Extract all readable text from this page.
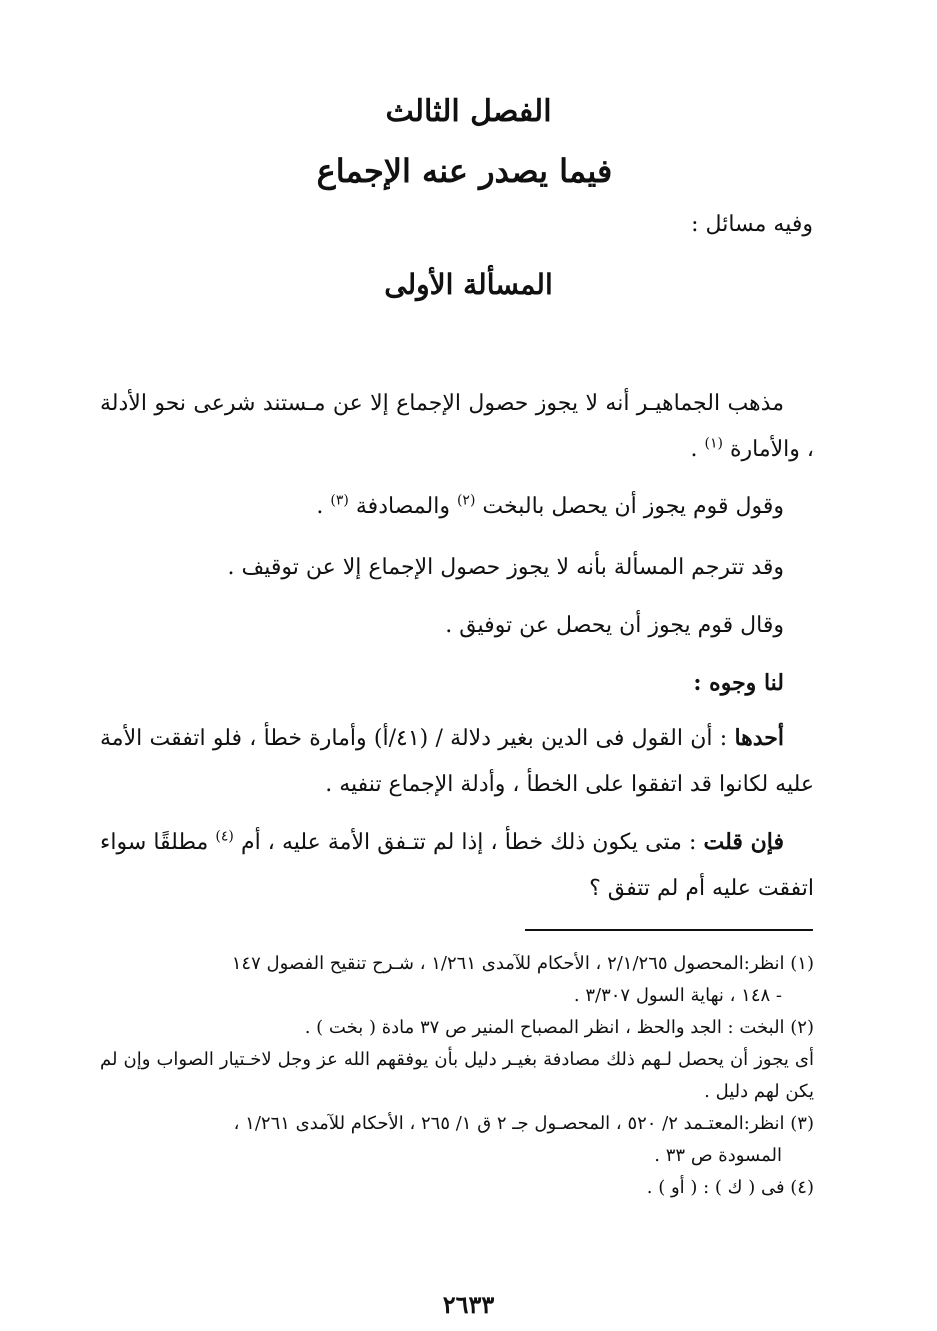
الفصل الثالث
فيما يصدر عنه الإجماع
وفيه مسائل :
المسألة الأولى
مذهب الجماهيـر أنه لا يجوز حصول الإجماع إلا عن مـستند شرعى نحو الأدلة ، والأمارة $^{(١)}$ .
وقول قوم يجوز أن يحصل بالبخت $^{(٢)}$ والمصادفة $^{(٣)}$ .
وقد تترجم المسألة بأنه لا يجوز حصول الإجماع إلا عن توقيف .
وقال قوم يجوز أن يحصل عن توفيق .
لنا وجوه :
أحدها : أن القول فى الدين بغير دلالة / (٤١/أ) وأمارة خطأ ، فلو اتفقت الأمة عليه لكانوا قد اتفقوا على الخطأ ، وأدلة الإجماع تنفيه .
فإن قلت : متى يكون ذلك خطأ ، إذا لم تتـفق الأمة عليه ، أم $^{(٤)}$ مطلقًا سواء اتفقت عليه أم لم تتفق ؟
(١) انظر:المحصول ٢/١/٢٦٥ ، الأحكام للآمدى ١/٢٦١ ، شـرح تنقيح الفصول ١٤٧
- ١٤٨ ، نهاية السول ٣/٣٠٧ .
(٢) البخت : الجد والحظ ، انظر المصباح المنير ص ٣٧ مادة ( بخت ) .
أى يجوز أن يحصل لـهم ذلك مصادفة بغيـر دليل بأن يوفقهم الله عز وجل لاخـتيار الصواب وإن لم يكن لهم دليل .
(٣) انظر:المعتـمد ٢/ ٥٢٠ ، المحصـول جـ ٢ ق ١/ ٢٦٥ ، الأحكام للآمدى ١/٢٦١ ،
المسودة ص ٣٣ .
(٤) فى ( ك ) : ( أو ) .
٢٦٣٣
